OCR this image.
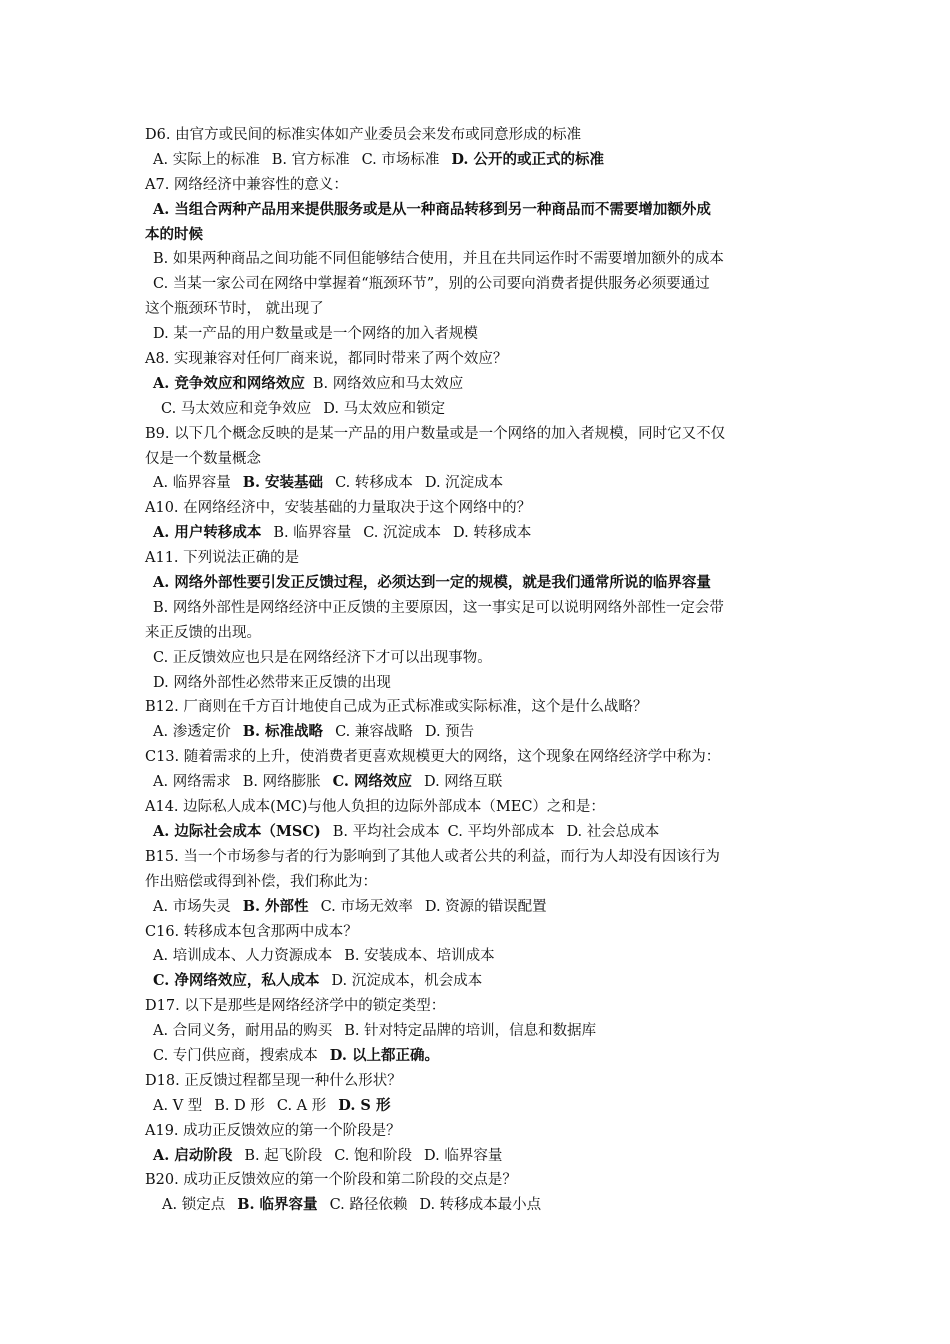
D6. 由官方或民间的标准实体如产业委员会来发布或同意形成的标准
A. 实际上的标准 B. 官方标准 C. 市场标准 D. 公开的或正式的标准
A7. 网络经济中兼容性的意义：
A. 当组合两种产品用来提供服务或是从一种商品转移到另一种商品而不需要增加额外成
本的时候
B. 如果两种商品之间功能不同但能够结合使用，并且在共同运作时不需要增加额外的成本
C. 当某一家公司在网络中掌握着“瓶颈环节”，别的公司要向消费者提供服务必须要通过
这个瓶颈环节时， 就出现了
D. 某一产品的用户数量或是一个网络的加入者规模
A8. 实现兼容对任何厂商来说，都同时带来了两个效应？
A. 竞争效应和网络效应 B. 网络效应和马太效应
C. 马太效应和竞争效应 D. 马太效应和锁定
B9. 以下几个概念反映的是某一产品的用户数量或是一个网络的加入者规模，同时它又不仅
仅是一个数量概念
A. 临界容量 B. 安装基础 C. 转移成本 D. 沉淀成本
A10. 在网络经济中，安装基础的力量取决于这个网络中的？
A. 用户转移成本 B. 临界容量 C. 沉淀成本 D. 转移成本
A11. 下列说法正确的是
A. 网络外部性要引发正反馈过程，必须达到一定的规模，就是我们通常所说的临界容量
B. 网络外部性是网络经济中正反馈的主要原因，这一事实足可以说明网络外部性一定会带
来正反馈的出现。
C. 正反馈效应也只是在网络经济下才可以出现事物。
D. 网络外部性必然带来正反馈的出现
B12. 厂商则在千方百计地使自己成为正式标准或实际标准，这个是什么战略？
A. 渗透定价 B. 标准战略 C. 兼容战略 D. 预告
C13. 随着需求的上升，使消费者更喜欢规模更大的网络，这个现象在网络经济学中称为：
A. 网络需求 B. 网络膨胀 C. 网络效应 D. 网络互联
A14. 边际私人成本(MC)与他人负担的边际外部成本（MEC）之和是：
A. 边际社会成本（MSC) B. 平均社会成本 C. 平均外部成本 D. 社会总成本
B15. 当一个市场参与者的行为影响到了其他人或者公共的利益，而行为人却没有因该行为
作出赔偿或得到补偿，我们称此为：
A. 市场失灵 B. 外部性 C. 市场无效率 D. 资源的错误配置
C16. 转移成本包含那两中成本？
A. 培训成本、人力资源成本 B. 安装成本、培训成本
C. 净网络效应，私人成本 D. 沉淀成本，机会成本
D17. 以下是那些是网络经济学中的锁定类型：
A. 合同义务，耐用品的购买 B. 针对特定品牌的培训，信息和数据库
C. 专门供应商，搜索成本 D. 以上都正确。
D18. 正反馈过程都呈现一种什么形状？
A. V 型 B. D 形 C. A 形 D. S 形
A19. 成功正反馈效应的第一个阶段是？
A. 启动阶段 B. 起飞阶段 C. 饱和阶段 D. 临界容量
B20. 成功正反馈效应的第一个阶段和第二阶段的交点是？
A. 锁定点 B. 临界容量 C. 路径依赖 D. 转移成本最小点
